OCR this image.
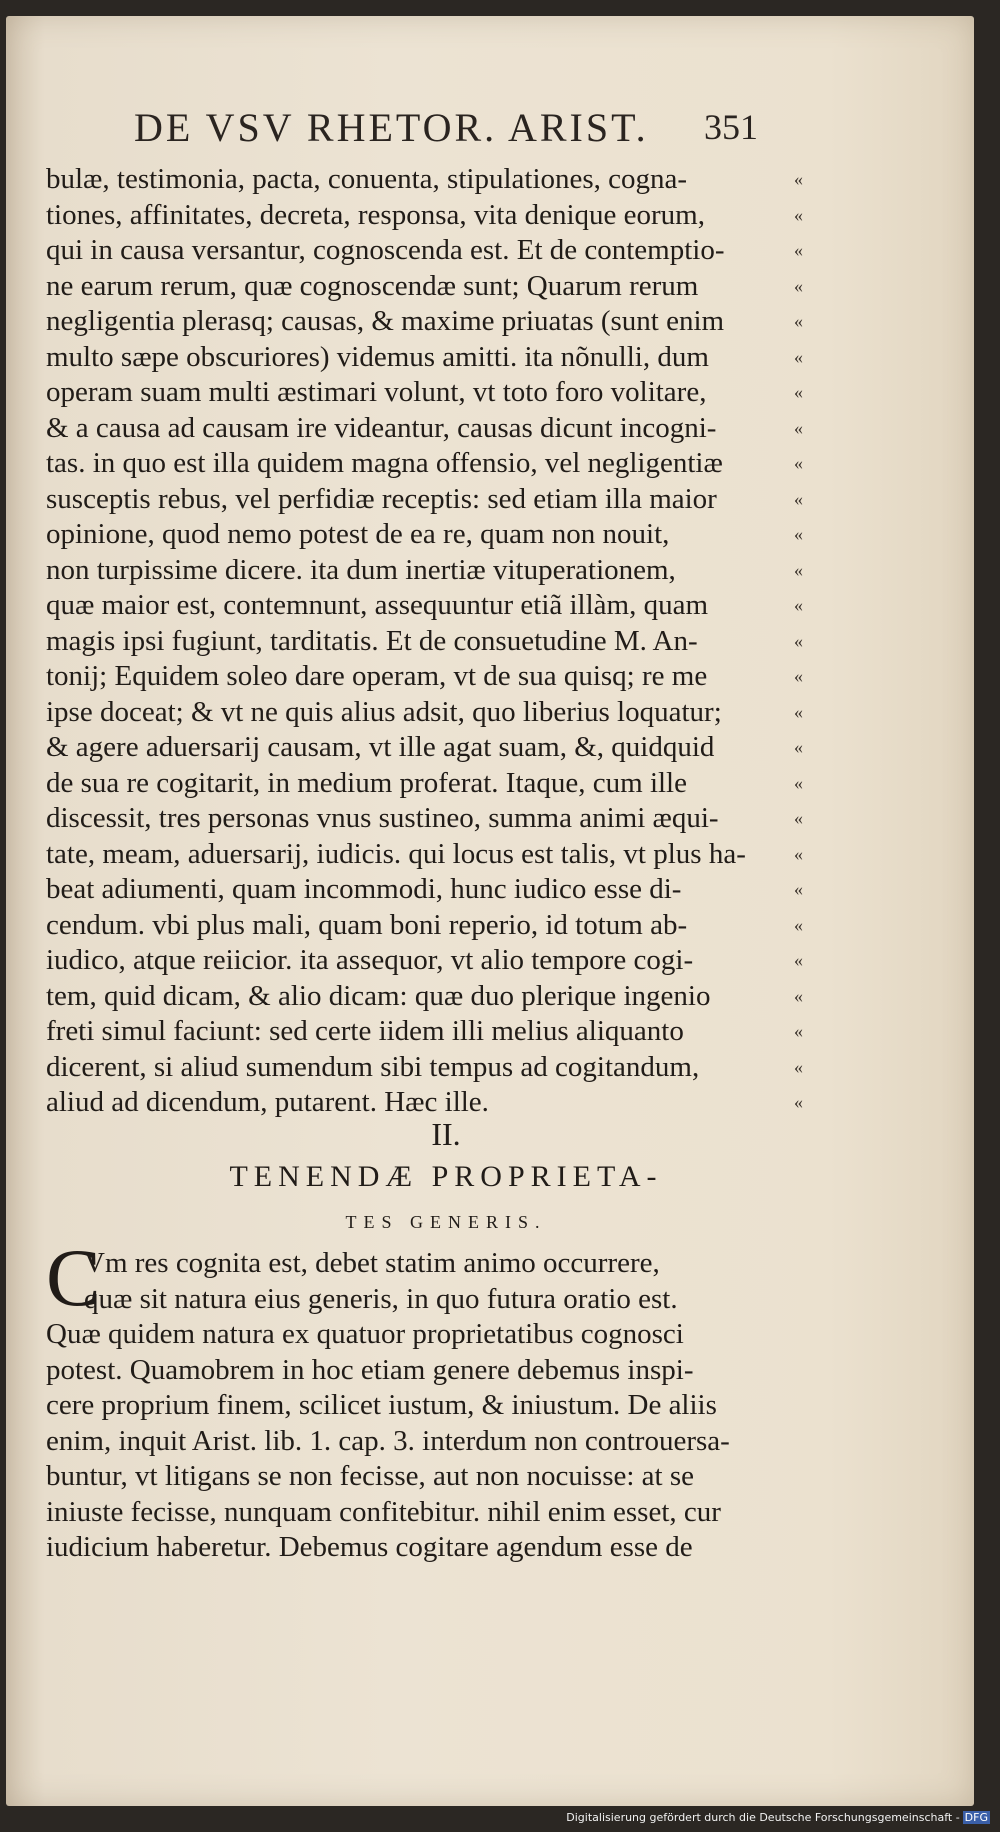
DE VSV RHETOR. ARIST. 351
bulæ, testimonia, pacta, conuenta, stipulationes, cogna-	«
tiones, affinitates, decreta, responsa, vita denique eorum,	«
qui in causa versantur, cognoscenda est. Et de contemptio-	«
ne earum rerum, quæ cognoscendæ sunt; Quarum rerum	«
negligentia plerasq; causas, & maxime priuatas (sunt enim	«
multo sæpe obscuriores) videmus amitti. ita nõnulli, dum	«
operam suam multi æstimari volunt, vt toto foro volitare,	«
& a causa ad causam ire videantur, causas dicunt incogni-	«
tas. in quo est illa quidem magna offensio, vel negligentiæ	«
susceptis rebus, vel perfidiæ receptis: sed etiam illa maior	«
opinione, quod nemo potest de ea re, quam non nouit,	«
non turpissime dicere. ita dum inertiæ vituperationem,	«
quæ maior est, contemnunt, assequuntur etiã illàm, quam	«
magis ipsi fugiunt, tarditatis. Et de consuetudine M. An-	«
tonij; Equidem soleo dare operam, vt de sua quisq; re me	«
ipse doceat; & vt ne quis alius adsit, quo liberius loquatur;	«
& agere aduersarij causam, vt ille agat suam, &, quidquid	«
de sua re cogitarit, in medium proferat. Itaque, cum ille	«
discessit, tres personas vnus sustineo, summa animi æqui-	«
tate, meam, aduersarij, iudicis. qui locus est talis, vt plus ha-	«
beat adiumenti, quam incommodi, hunc iudico esse di-	«
cendum. vbi plus mali, quam boni reperio, id totum ab-	«
iudico, atque reiicior. ita assequor, vt alio tempore cogi-	«
tem, quid dicam, & alio dicam: quæ duo plerique ingenio	«
freti simul faciunt: sed certe iidem illi melius aliquanto	«
dicerent, si aliud sumendum sibi tempus ad cogitandum,	«
aliud ad dicendum, putarent. Hæc ille.	«
II.
TENENDÆ PROPRIETA-
TES GENERIS.
C
Vm res cognita est, debet statim animo occurrere,
quæ sit natura eius generis, in quo futura oratio est.
Quæ quidem natura ex quatuor proprietatibus cognosci
potest. Quamobrem in hoc etiam genere debemus inspi-
cere proprium finem, scilicet iustum, & iniustum. De aliis
enim, inquit Arist. lib. 1. cap. 3. interdum non controuersa-
buntur, vt litigans se non fecisse, aut non nocuisse: at se
iniuste fecisse, nunquam confitebitur. nihil enim esset, cur
iudicium haberetur. Debemus cogitare agendum esse de
Digitalisierung gefördert durch die Deutsche Forschungsgemeinschaft - DFG
